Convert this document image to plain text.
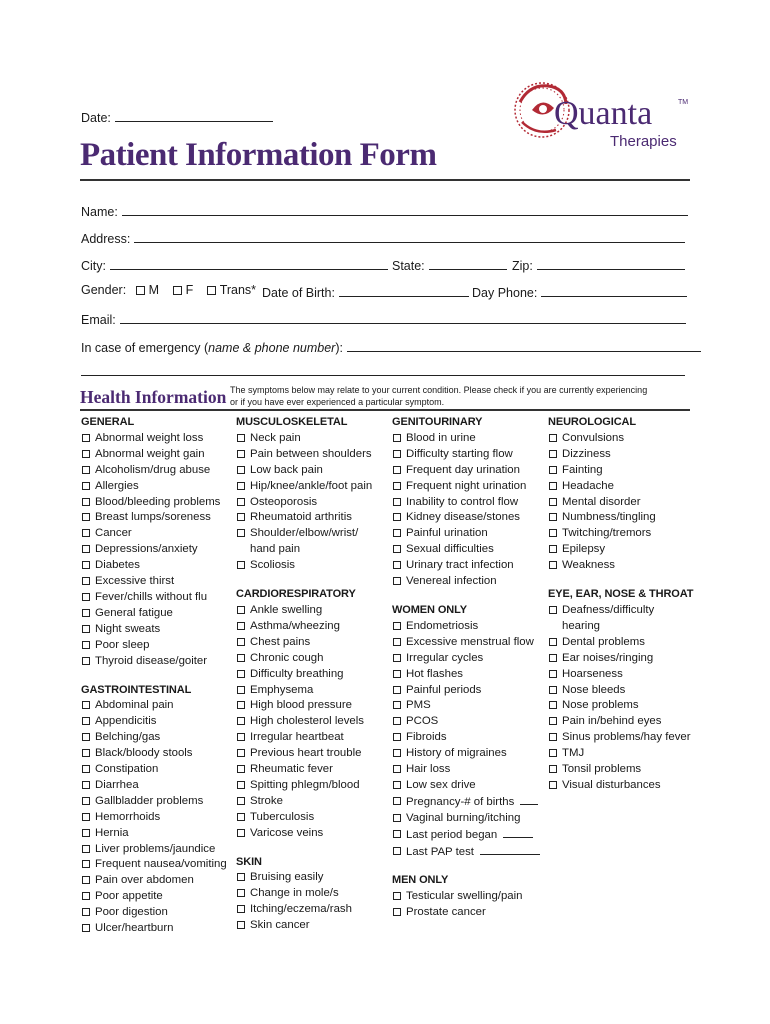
Quanta	TM
Therapies
Date:
Patient Information Form
Name:
Address:
City:	State:	Zip:
Gender: M F Trans* Date of Birth:	Day Phone:
Email:
In case of emergency (name & phone number):
Health Information The symptoms below may relate to your current condition. Please check if you are currently experiencing
or if you have ever experienced a particular symptom.
GENERAL
Abnormal weight loss
Abnormal weight gain
Alcoholism/drug abuse
Allergies
Blood/bleeding problems
Breast lumps/soreness
Cancer
Depressions/anxiety
Diabetes
Excessive thirst
Fever/chills without flu
General fatigue
Night sweats
Poor sleep
Thyroid disease/goiter
GASTROINTESTINAL
Abdominal pain
Appendicitis
Belching/gas
Black/bloody stools
Constipation
Diarrhea
Gallbladder problems
Hemorrhoids
Hernia
Liver problems/jaundice
Frequent nausea/vomiting
Pain over abdomen
Poor appetite
Poor digestion
Ulcer/heartburn
MUSCULOSKELETAL
Neck pain
Pain between shoulders
Low back pain
Hip/knee/ankle/foot pain
Osteoporosis
Rheumatoid arthritis
Shoulder/elbow/wrist/
hand pain
Scoliosis
CARDIORESPIRATORY
Ankle swelling
Asthma/wheezing
Chest pains
Chronic cough
Difficulty breathing
Emphysema
High blood pressure
High cholesterol levels
Irregular heartbeat
Previous heart trouble
Rheumatic fever
Spitting phlegm/blood
Stroke
Tuberculosis
Varicose veins
SKIN
Bruising easily
Change in mole/s
Itching/eczema/rash
Skin cancer
GENITOURINARY
Blood in urine
Difficulty starting flow
Frequent day urination
Frequent night urination
Inability to control flow
Kidney disease/stones
Painful urination
Sexual difficulties
Urinary tract infection
Venereal infection
WOMEN ONLY
Endometriosis
Excessive menstrual flow
Irregular cycles
Hot flashes
Painful periods
PMS
PCOS
Fibroids
History of migraines
Hair loss
Low sex drive
Pregnancy-# of births
Vaginal burning/itching
Last period began
Last PAP test
MEN ONLY
Testicular swelling/pain
Prostate cancer
NEUROLOGICAL
Convulsions
Dizziness
Fainting
Headache
Mental disorder
Numbness/tingling
Twitching/tremors
Epilepsy
Weakness
EYE, EAR, NOSE & THROAT
Deafness/difficulty
hearing
Dental problems
Ear noises/ringing
Hoarseness
Nose bleeds
Nose problems
Pain in/behind eyes
Sinus problems/hay fever
TMJ
Tonsil problems
Visual disturbances
